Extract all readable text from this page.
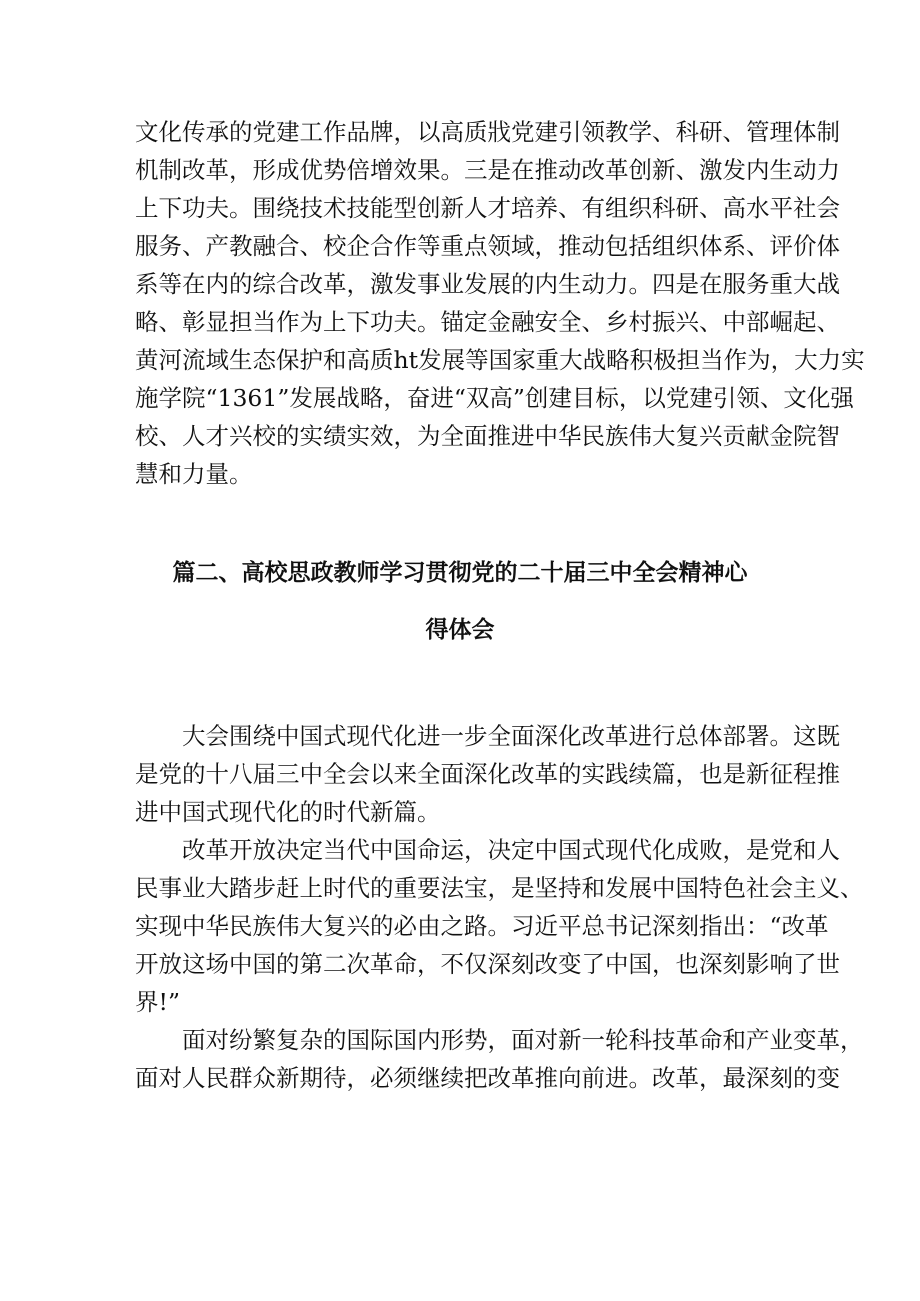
文化传承的党建工作品牌，以高质戕党建引领教学、科研、管理体制
机制改革，形成优势倍增效果。三是在推动改革创新、激发内生动力
上下功夫。围绕技术技能型创新人才培养、有组织科研、高水平社会
服务、产教融合、校企合作等重点领域，推动包括组织体系、评价体
系等在内的综合改革，激发事业发展的内生动力。四是在服务重大战
略、彰显担当作为上下功夫。锚定金融安全、乡村振兴、中部崛起、
黄河流域生态保护和高质ht发展等国家重大战略积极担当作为，大力实
施学院“1361”发展战略，奋进“双高”创建目标，以党建引领、文化强
校、人才兴校的实绩实效，为全面推进中华民族伟大复兴贡献金院智
慧和力量。
篇二、高校思政教师学习贯彻党的二十届三中全会精神心
得体会
大会围绕中国式现代化进一步全面深化改革进行总体部署。这既
是党的十八届三中全会以来全面深化改革的实践续篇，也是新征程推
进中国式现代化的时代新篇。
改革开放决定当代中国命运，决定中国式现代化成败，是党和人
民事业大踏步赶上时代的重要法宝，是坚持和发展中国特色社会主义、
实现中华民族伟大复兴的必由之路。习近平总书记深刻指出：“改革
开放这场中国的第二次革命，不仅深刻改变了中国，也深刻影响了世
界!”
面对纷繁复杂的国际国内形势，面对新一轮科技革命和产业变革，
面对人民群众新期待，必须继续把改革推向前进。改革，最深刻的变
